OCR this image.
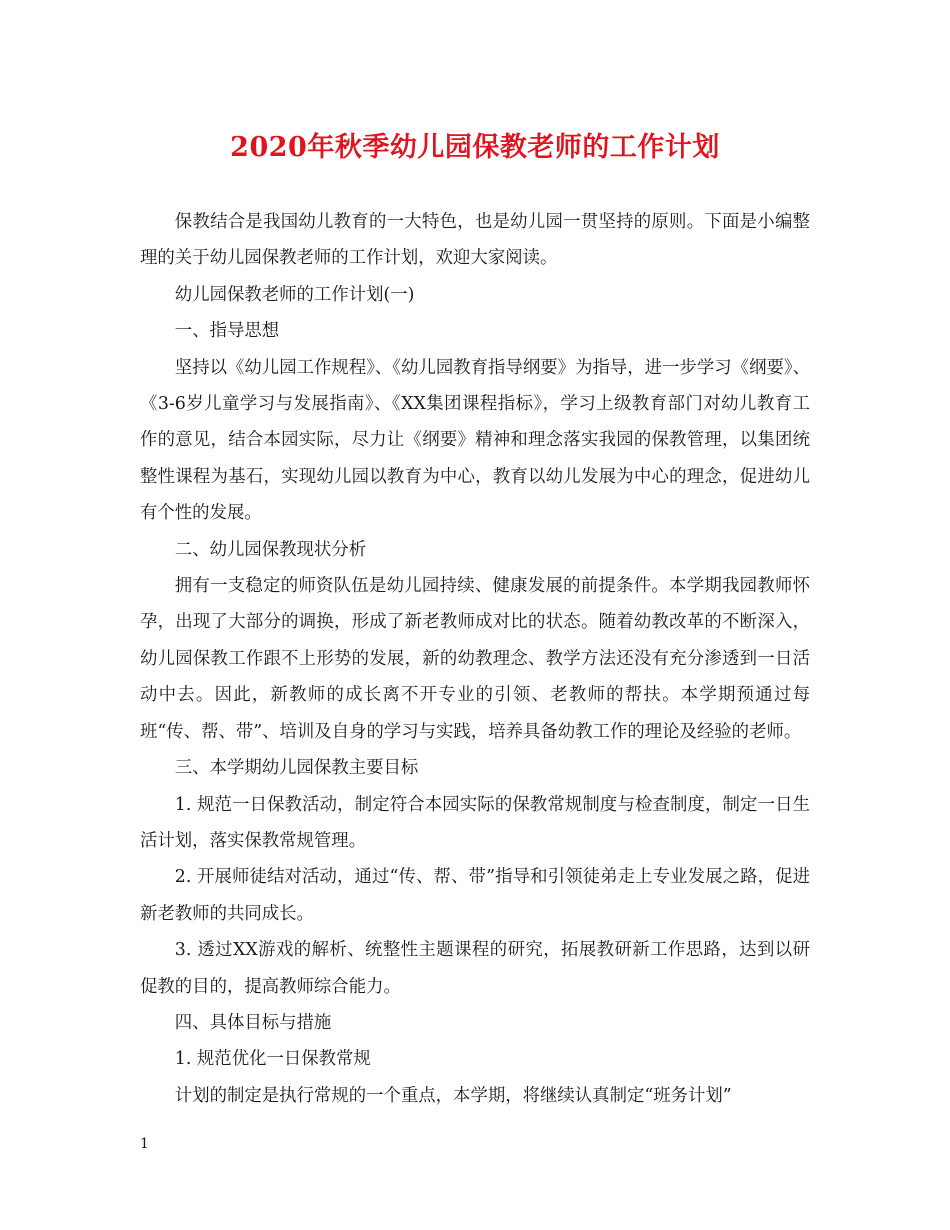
2020年秋季幼儿园保教老师的工作计划

保教结合是我国幼儿教育的一大特色，也是幼儿园一贯坚持的原则。下面是小编整理的关于幼儿园保教老师的工作计划，欢迎大家阅读。

幼儿园保教老师的工作计划(一)

一、指导思想

坚持以《幼儿园工作规程》、《幼儿园教育指导纲要》为指导，进一步学习《纲要》、《3-6岁儿童学习与发展指南》、《XX集团课程指标》，学习上级教育部门对幼儿教育工作的意见，结合本园实际，尽力让《纲要》精神和理念落实我园的保教管理，以集团统整性课程为基石，实现幼儿园以教育为中心，教育以幼儿发展为中心的理念，促进幼儿有个性的发展。

二、幼儿园保教现状分析

拥有一支稳定的师资队伍是幼儿园持续、健康发展的前提条件。本学期我园教师怀孕，出现了大部分的调换，形成了新老教师成对比的状态。随着幼教改革的不断深入，幼儿园保教工作跟不上形势的发展，新的幼教理念、教学方法还没有充分渗透到一日活动中去。因此，新教师的成长离不开专业的引领、老教师的帮扶。本学期预通过每班“传、帮、带”、培训及自身的学习与实践，培养具备幼教工作的理论及经验的老师。

三、本学期幼儿园保教主要目标

1. 规范一日保教活动，制定符合本园实际的保教常规制度与检查制度，制定一日生活计划，落实保教常规管理。

2. 开展师徒结对活动，通过“传、帮、带”指导和引领徒弟走上专业发展之路，促进新老教师的共同成长。

3. 透过XX游戏的解析、统整性主题课程的研究，拓展教研新工作思路，达到以研促教的目的，提高教师综合能力。

四、具体目标与措施

1. 规范优化一日保教常规

计划的制定是执行常规的一个重点，本学期，将继续认真制定“班务计划”

1
